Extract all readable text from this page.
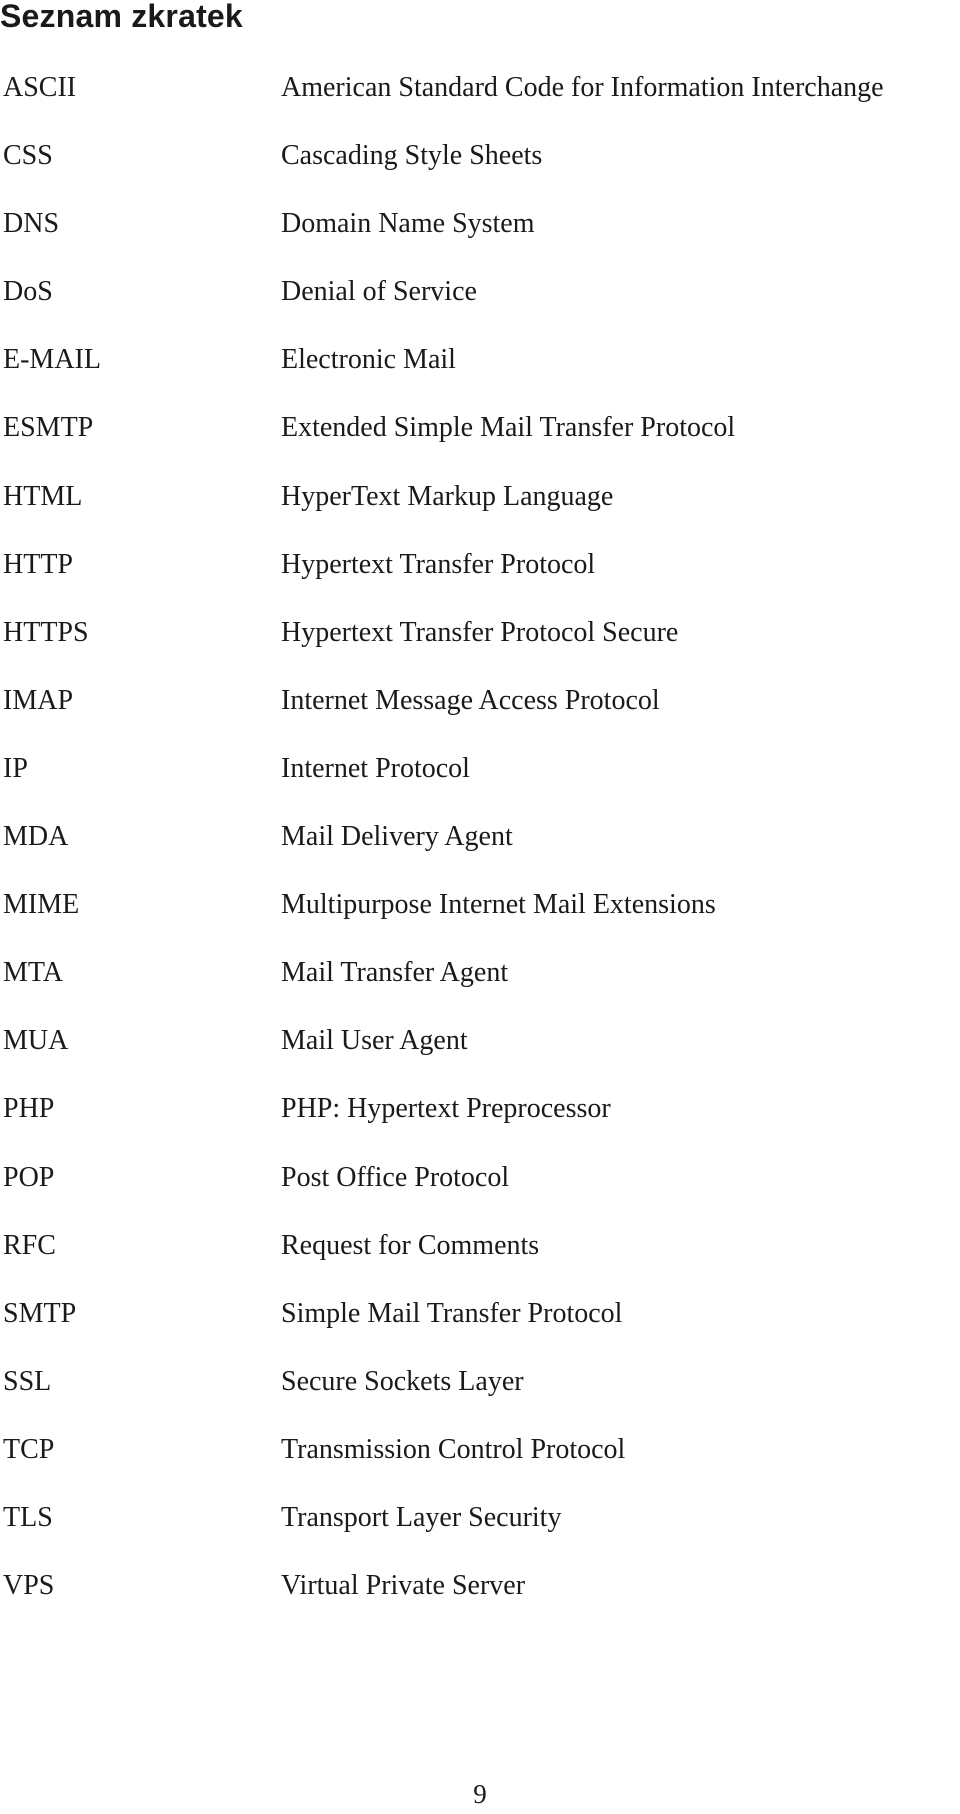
Seznam zkratek
ASCII	American Standard Code for Information Interchange
CSS	Cascading Style Sheets
DNS	Domain Name System
DoS	Denial of Service
E-MAIL	Electronic Mail
ESMTP	Extended Simple Mail Transfer Protocol
HTML	HyperText Markup Language
HTTP	Hypertext Transfer Protocol
HTTPS	Hypertext Transfer Protocol Secure
IMAP	Internet Message Access Protocol
IP	Internet Protocol
MDA	Mail Delivery Agent
MIME	Multipurpose Internet Mail Extensions
MTA	Mail Transfer Agent
MUA	Mail User Agent
PHP	PHP: Hypertext Preprocessor
POP	Post Office Protocol
RFC	Request for Comments
SMTP	Simple Mail Transfer Protocol
SSL	Secure Sockets Layer
TCP	Transmission Control Protocol
TLS	Transport Layer Security
VPS	Virtual Private Server
9
